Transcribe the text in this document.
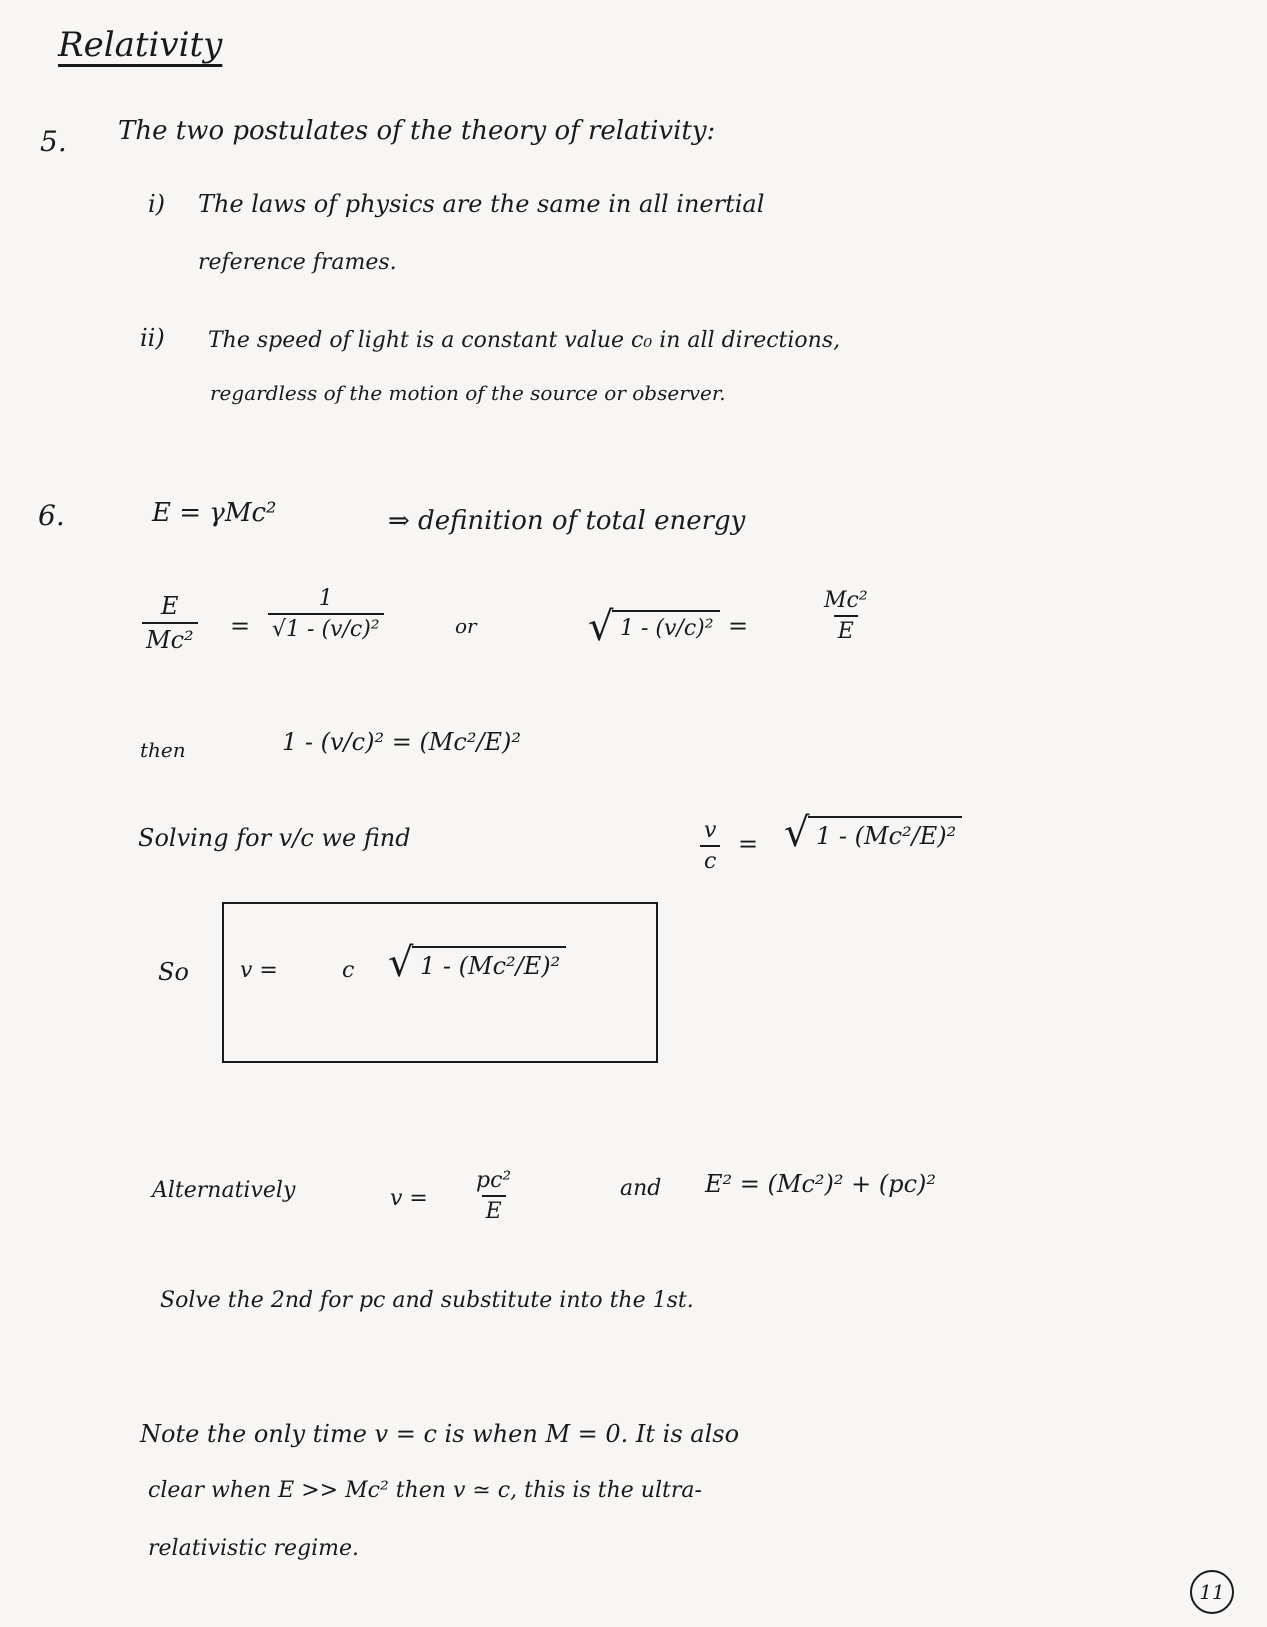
Relativity
5. The two postulates of the theory of relativity:
i) The laws of physics are the same in all inertial
reference frames.
ii) The speed of light is a constant value c₀ in all directions,
regardless of the motion of the source or observer.
6.	E = γMc²	⇒ definition of total energy
$\frac{E}{\text{Mc²}} = \frac{1}{\text{√1 - (v/c)²}}$	or	√ 1 - (v/c)² =	$\frac{\text{Mc²}}{E}$
then	1 - (v/c)² = (Mc²/E)²
Solving for v/c we find	$\frac{v}{c}$ =	√ 1 - (Mc²/E)²
So v =	c	√ 1 - (Mc²/E)²
Alternatively	$v = \frac{\text{pc²}}{E}$	and E² = (Mc²)² + (pc)²
Solve the 2nd for pc and substitute into the 1st.
Note the only time v = c is when M = 0. It is also
clear when E >> Mc² then v ≃ c, this is the ultra-
relativistic regime.
11
